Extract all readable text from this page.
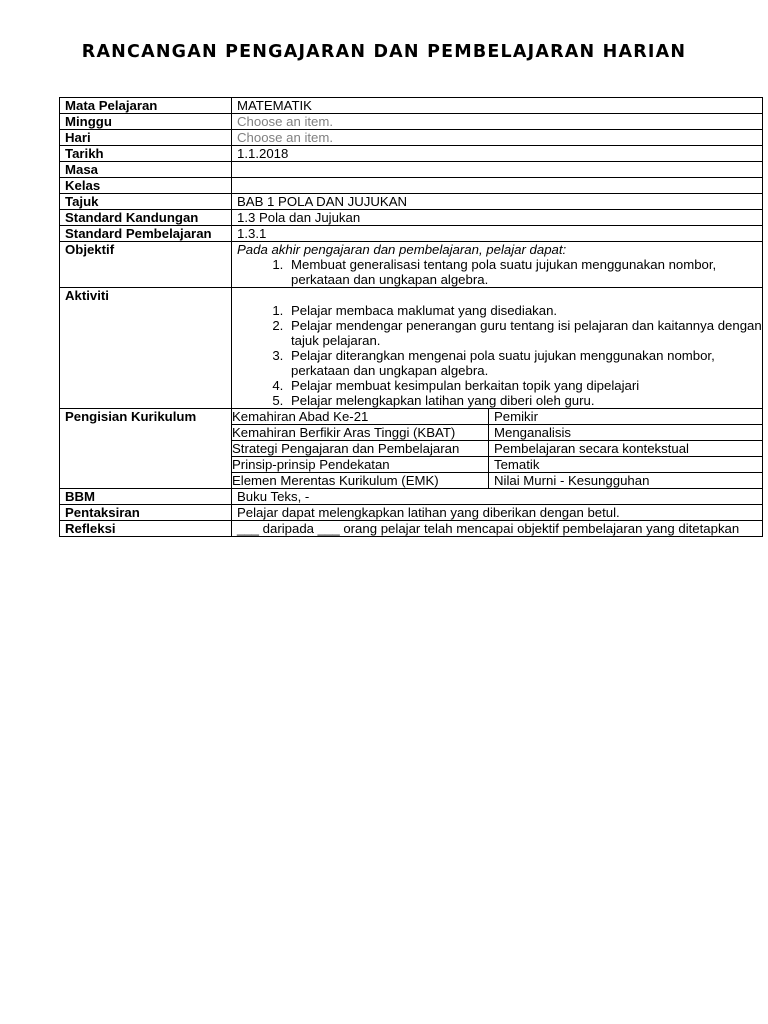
RANCANGAN PENGAJARAN DAN PEMBELAJARAN HARIAN
Mata Pelajaran	MATEMATIK
Minggu	Choose an item.
Hari	Choose an item.
Tarikh	1.1.2018
Masa	
Kelas	
Tajuk	BAB 1 POLA DAN JUJUKAN
Standard Kandungan	1.3 Pola dan Jujukan
Standard Pembelajaran	1.3.1
Objektif	Pada akhir pengajaran dan pembelajaran, pelajar dapat:
1. Membuat generalisasi tentang pola suatu jujukan menggunakan nombor, perkataan dan ungkapan algebra.

Aktiviti	
1. Pelajar membaca maklumat yang disediakan.
2. Pelajar mendengar penerangan guru tentang isi pelajaran dan kaitannya dengan tajuk pelajaran.
3. Pelajar diterangkan mengenai pola suatu jujukan menggunakan nombor, perkataan dan ungkapan algebra.
4. Pelajar membuat kesimpulan berkaitan topik yang dipelajari
5. Pelajar melengkapkan latihan yang diberi oleh guru.

Pengisian Kurikulum		Kemahiran Abad Ke-21	Pemikir
Kemahiran Berfikir Aras Tinggi (KBAT)	Menganalisis
Strategi Pengajaran dan Pembelajaran	Pembelajaran secara kontekstual
Prinsip-prinsip Pendekatan	Tematik
Elemen Merentas Kurikulum (EMK)	Nilai Murni - Kesungguhan

BBM	Buku Teks, -
Pentaksiran	Pelajar dapat melengkapkan latihan yang diberikan dengan betul.
Refleksi	___ daripada ___ orang pelajar telah mencapai objektif pembelajaran yang ditetapkan
